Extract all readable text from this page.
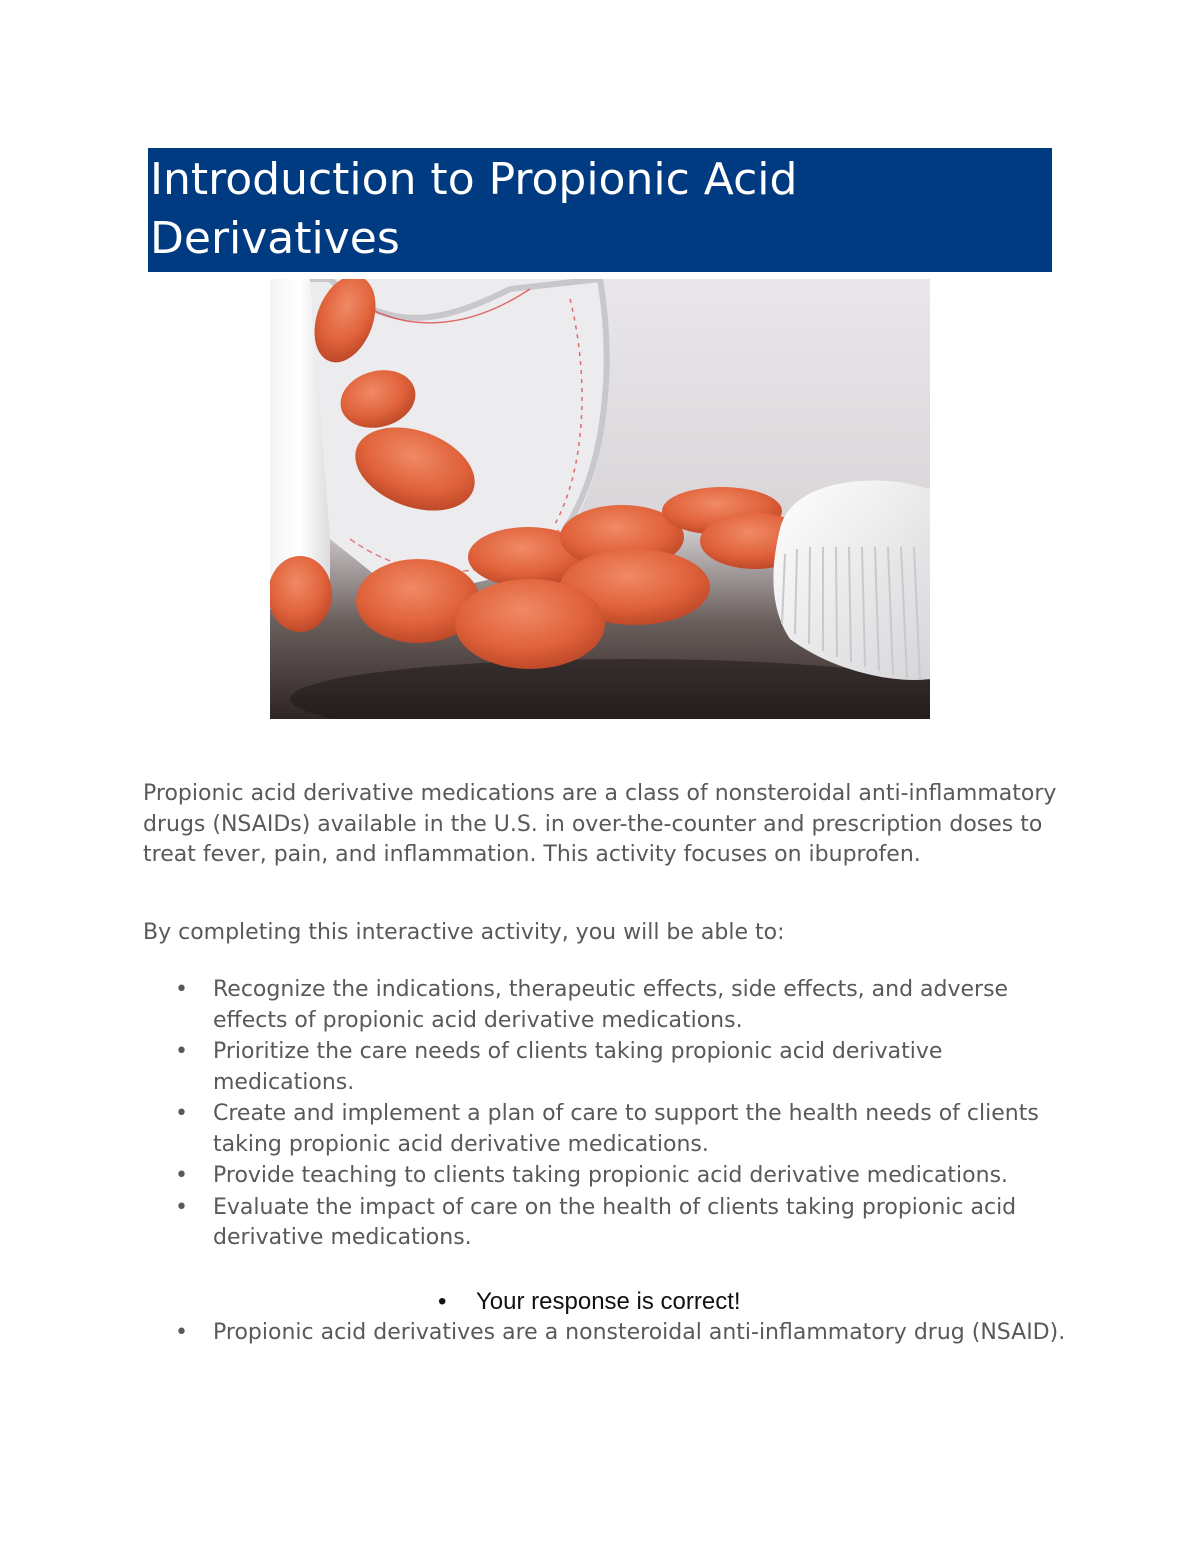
Introduction to Propionic Acid Derivatives

Propionic acid derivative medications are a class of nonsteroidal anti-inflammatory drugs (NSAIDs) available in the U.S. in over-the-counter and prescription doses to treat fever, pain, and inflammation. This activity focuses on ibuprofen.

By completing this interactive activity, you will be able to:

• Recognize the indications, therapeutic effects, side effects, and adverse effects of propionic acid derivative medications.
• Prioritize the care needs of clients taking propionic acid derivative medications.
• Create and implement a plan of care to support the health needs of clients taking propionic acid derivative medications.
• Provide teaching to clients taking propionic acid derivative medications.
• Evaluate the impact of care on the health of clients taking propionic acid derivative medications.

• Your response is correct!

• Propionic acid derivatives are a nonsteroidal anti-inflammatory drug (NSAID).
